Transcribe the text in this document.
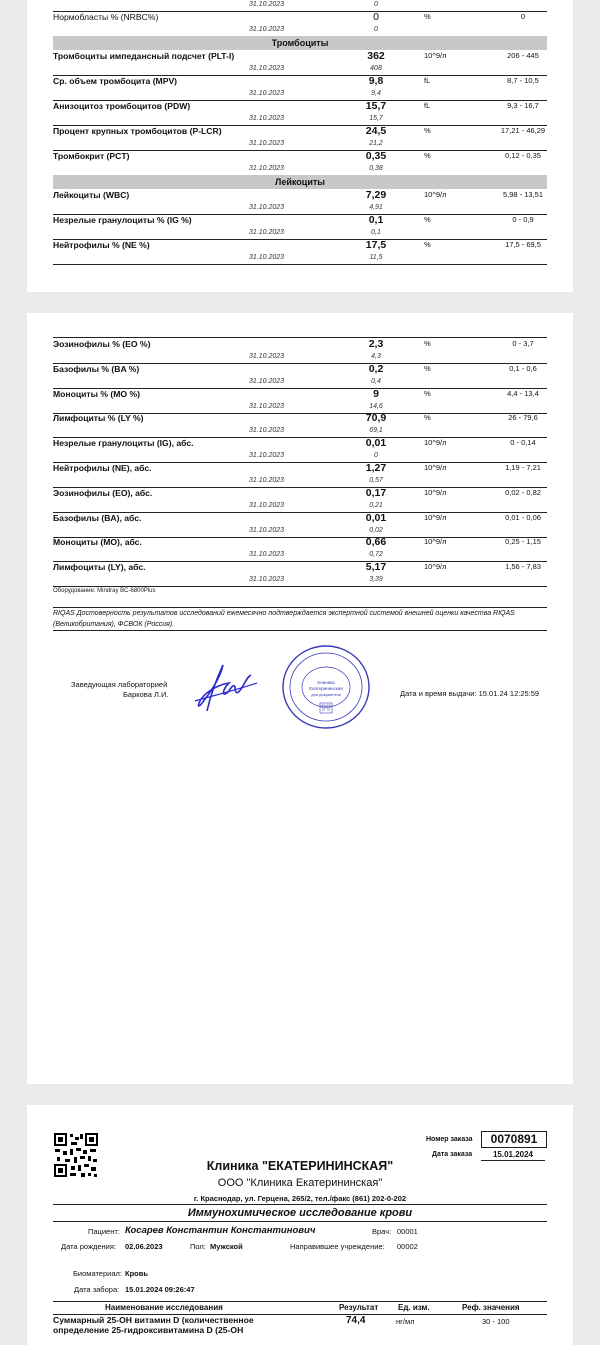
31.10.2023	0
Нормобласты % (NRBC%)	0	%	0
31.10.2023	0
Тромбоциты
Тромбоциты импедансный подсчет (PLT-I)	362	10^9/л	206 - 445
31.10.2023	408
Ср. объем тромбоцита (MPV)	9,8	fL	8,7 - 10,5
31.10.2023	9,4
Анизоцитоз тромбоцитов (PDW)	15,7	fL	9,3 - 16,7
31.10.2023	15,7
Процент крупных тромбоцитов (P-LCR)	24,5	%	17,21 - 46,29
31.10.2023	21,2
Тромбокрит (PCT)	0,35	%	0,12 - 0,35
31.10.2023	0,38
Лейкоциты
Лейкоциты (WBC)	7,29	10^9/л	5,98 - 13,51
31.10.2023	4,91
Незрелые гранулоциты % (IG %)	0,1	%	0 - 0,9
31.10.2023	0,1
Нейтрофилы % (NE %)	17,5	%	17,5 - 69,5
31.10.2023	11,5
Эозинофилы % (EO %)	2,3	%	0 - 3,7
31.10.2023	4,3
Базофилы % (BA %)	0,2	%	0,1 - 0,6
31.10.2023	0,4
Моноциты % (MO %)	9	%	4,4 - 13,4
31.10.2023	14,6
Лимфоциты % (LY %)	70,9	%	26 - 79,6
31.10.2023	69,1
Незрелые гранулоциты (IG), абс.	0,01	10^9/л	0 - 0,14
31.10.2023	0
Нейтрофилы (NE), абс.	1,27	10^9/л	1,19 - 7,21
31.10.2023	0,57
Эозинофилы (EO), абс.	0,17	10^9/л	0,02 - 0,82
31.10.2023	0,21
Базофилы (BA), абс.	0,01	10^9/л	0,01 - 0,06
31.10.2023	0,02
Моноциты (MO), абс.	0,66	10^9/л	0,25 - 1,15
31.10.2023	0,72
Лимфоциты (LY), абс.	5,17	10^9/л	1,56 - 7,83
31.10.2023	3,39
Оборудование: Mindray BC-6800Plus
RIQAS Достоверность результатов исследований ежемесячно подтверждается экспертной системой внешней оценки качества RIQAS (Великобритания), ФСВОК (Россия).
Заведующая лабораторией
Баркова Л.И.
Клиника
Екатерининская
для документов	Дата и время выдачи: 15.01.24 12:25:59
Номер заказа	0070891
Дата заказа	15.01.2024
Клиника "ЕКАТЕРИНИНСКАЯ"
ООО "Клиника Екатерининская"
г. Краснодар, ул. Герцена, 265/2, тел./факс (861) 202-0-202
Иммунохимическое исследование крови
Пациент: Косарев Константин Константинович	Врач: 00001
Дата рождения: 02.06.2023	Пол: Мужской	Направившее учреждение: 00002
Биоматериал: Кровь
Дата забора: 15.01.2024 09:26:47
Наименование исследования	Результат Ед. изм.	Реф. значения
Суммарный 25-OH витамин D (количественное определение 25-гидроксивитамина D (25-OH
74,4	нг/мл	30 - 100
